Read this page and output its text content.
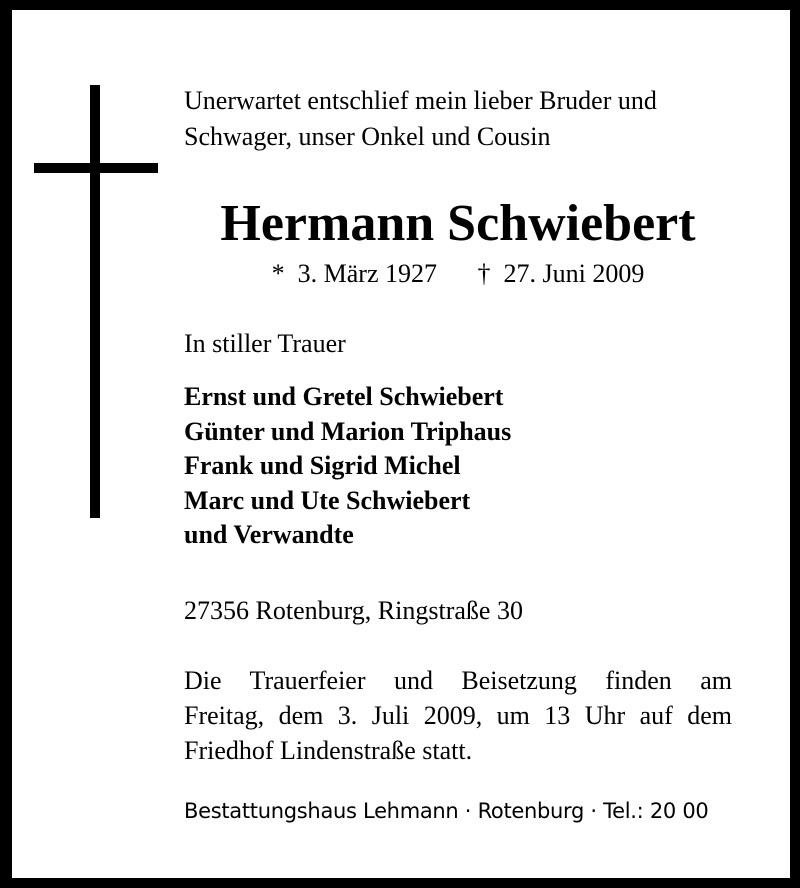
Unerwartet entschlief mein lieber Bruder und
Schwager, unser Onkel und Cousin
Hermann Schwiebert
* 3. März 1927 † 27. Juni 2009
In stiller Trauer
Ernst und Gretel Schwiebert
Günter und Marion Triphaus
Frank und Sigrid Michel
Marc und Ute Schwiebert
und Verwandte
27356 Rotenburg, Ringstraße 30
Die Trauerfeier und Beisetzung finden am
Freitag, dem 3. Juli 2009, um 13 Uhr auf dem
Friedhof Lindenstraße statt.
Bestattungshaus Lehmann · Rotenburg · Tel.: 20 00
